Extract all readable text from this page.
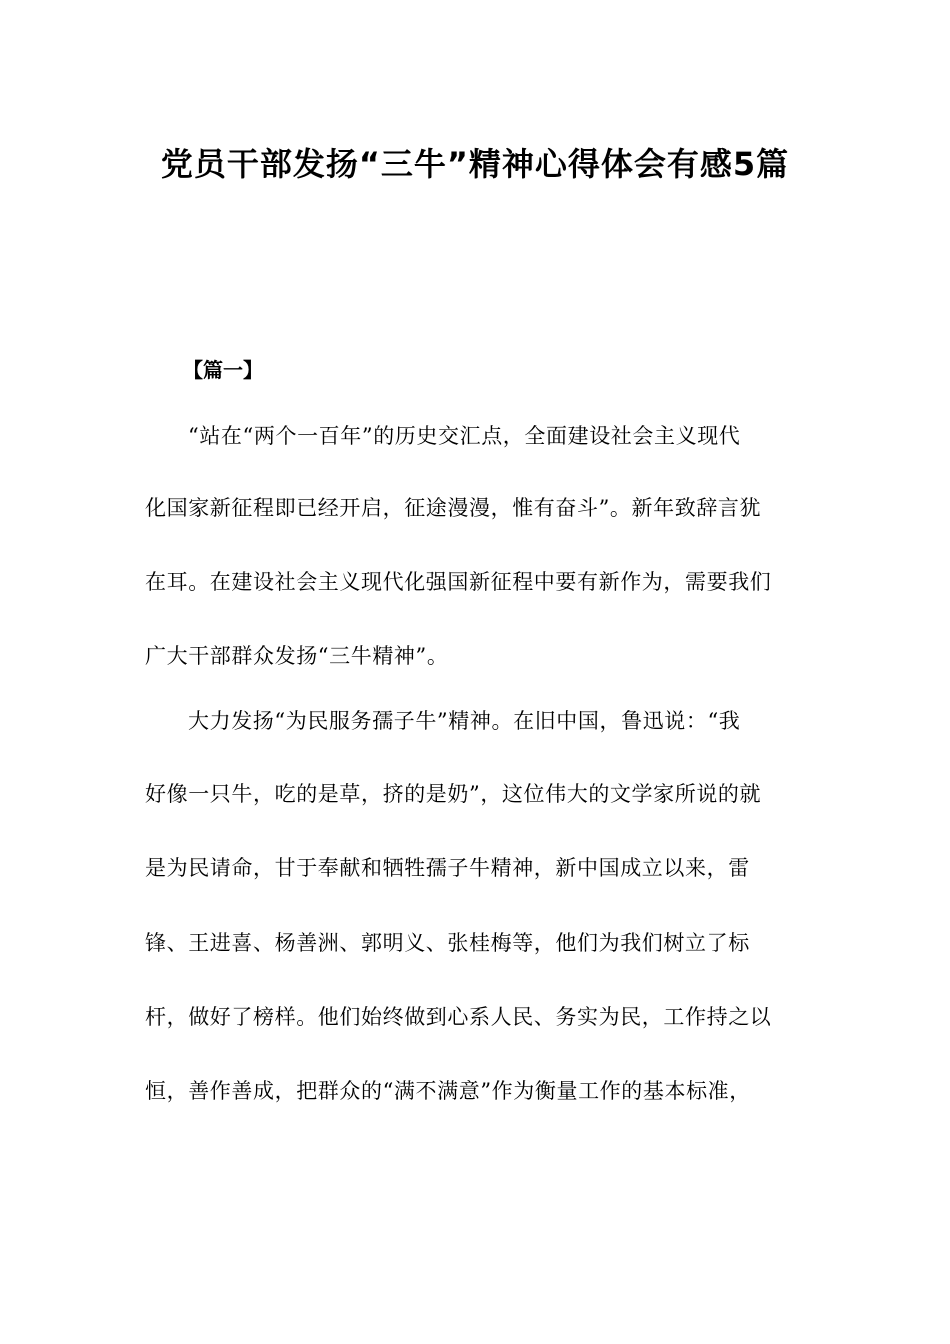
党员干部发扬“三牛”精神心得体会有感5篇
【篇一】
“站在“两个一百年”的历史交汇点，全面建设社会主义现代
化国家新征程即已经开启，征途漫漫，惟有奋斗”。新年致辞言犹
在耳。在建设社会主义现代化强国新征程中要有新作为，需要我们
广大干部群众发扬“三牛精神”。
大力发扬“为民服务孺子牛”精神。在旧中国，鲁迅说：“我
好像一只牛，吃的是草，挤的是奶”，这位伟大的文学家所说的就
是为民请命，甘于奉献和牺牲孺子牛精神，新中国成立以来，雷
锋、王进喜、杨善洲、郭明义、张桂梅等，他们为我们树立了标
杆，做好了榜样。他们始终做到心系人民、务实为民，工作持之以
恒，善作善成，把群众的“满不满意”作为衡量工作的基本标准，
